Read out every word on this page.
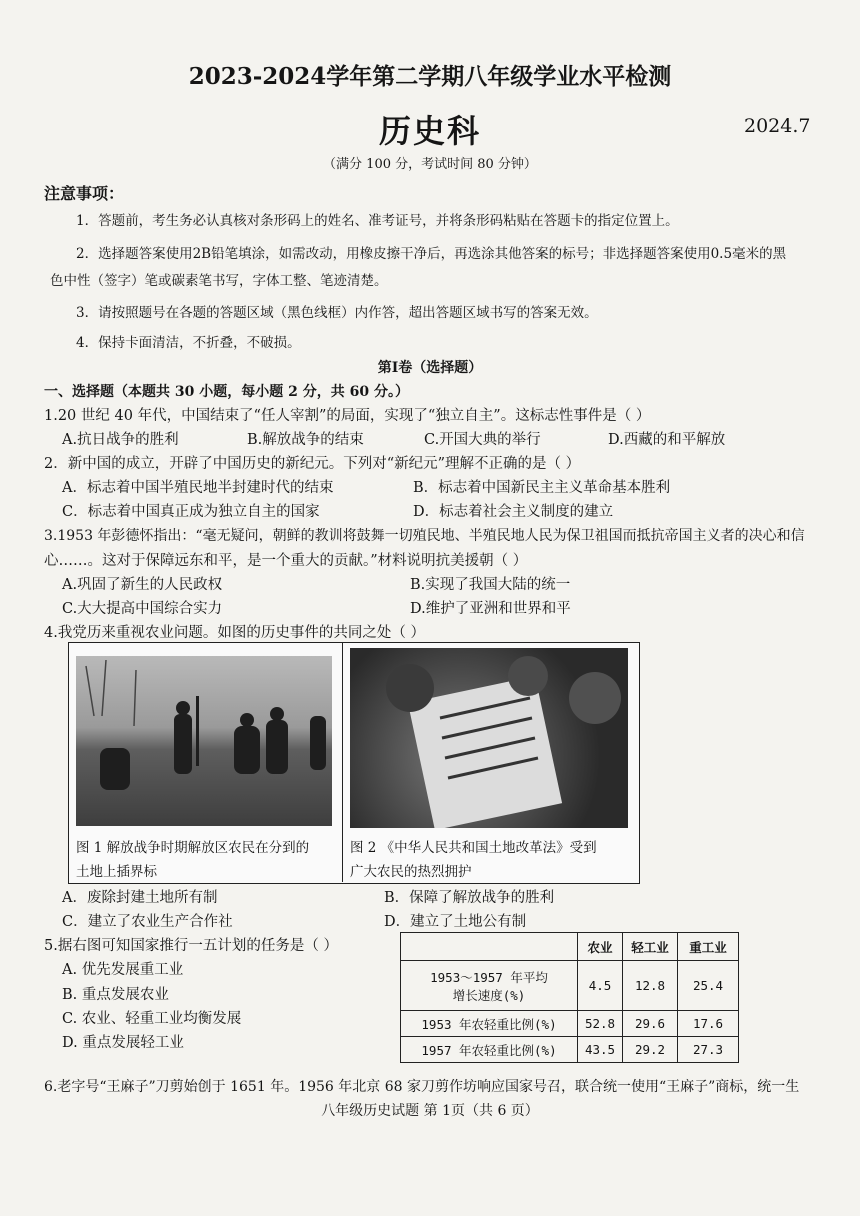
2023-2024学年第二学期八年级学业水平检测
历史科	2024.7
（满分 100 分，考试时间 80 分钟）
注意事项：
1．答题前，考生务必认真核对条形码上的姓名、准考证号，并将条形码粘贴在答题卡的指定位置上。
2．选择题答案使用2B铅笔填涂，如需改动，用橡皮擦干净后，再选涂其他答案的标号；非选择题答案使用0.5毫米的黑
色中性（签字）笔或碳素笔书写，字体工整、笔迹清楚。
3．请按照题号在各题的答题区域（黑色线框）内作答，超出答题区域书写的答案无效。
4．保持卡面清洁，不折叠，不破损。
第Ⅰ卷（选择题）
一、选择题（本题共 30 小题，每小题 2 分，共 60 分。）
1.20 世纪 40 年代，中国结束了“任人宰割”的局面，实现了“独立自主”。这标志性事件是（ ）
A.抗日战争的胜利	B.解放战争的结束	C.开国大典的举行	D.西藏的和平解放
2．新中国的成立，开辟了中国历史的新纪元。下列对“新纪元”理解不正确的是（ ）
A．标志着中国半殖民地半封建时代的结束	B．标志着中国新民主主义革命基本胜利
C．标志着中国真正成为独立自主的国家	D．标志着社会主义制度的建立
3.1953 年彭德怀指出：“毫无疑问，朝鲜的教训将鼓舞一切殖民地、半殖民地人民为保卫祖国而抵抗帝国主义者的决心和信
心……。这对于保障远东和平，是一个重大的贡献。”材料说明抗美援朝（ ）
A.巩固了新生的人民政权	B.实现了我国大陆的统一
C.大大提高中国综合实力	D.维护了亚洲和世界和平
4.我党历来重视农业问题。如图的历史事件的共同之处（ ）
图 1 解放战争时期解放区农民在分到的
土地上插界标
图 2 《中华人民共和国土地改革法》受到
广大农民的热烈拥护
A．废除封建土地所有制	B．保障了解放战争的胜利
C．建立了农业生产合作社	D．建立了土地公有制
5.据右图可知国家推行一五计划的任务是（ ）
A. 优先发展重工业
B. 重点发展农业
C. 农业、轻重工业均衡发展
D. 重点发展轻工业
	农业	轻工业	重工业

1953～1957 年平均
增长速度(%)	4.5	12.8	25.4
1953 年农轻重比例(%)	52.8	29.6	17.6
1957 年农轻重比例(%)	43.5	29.2	27.3
6.老字号“王麻子”刀剪始创于 1651 年。1956 年北京 68 家刀剪作坊响应国家号召，联合统一使用“王麻子”商标，统一生
八年级历史试题 第 1页（共 6 页）
